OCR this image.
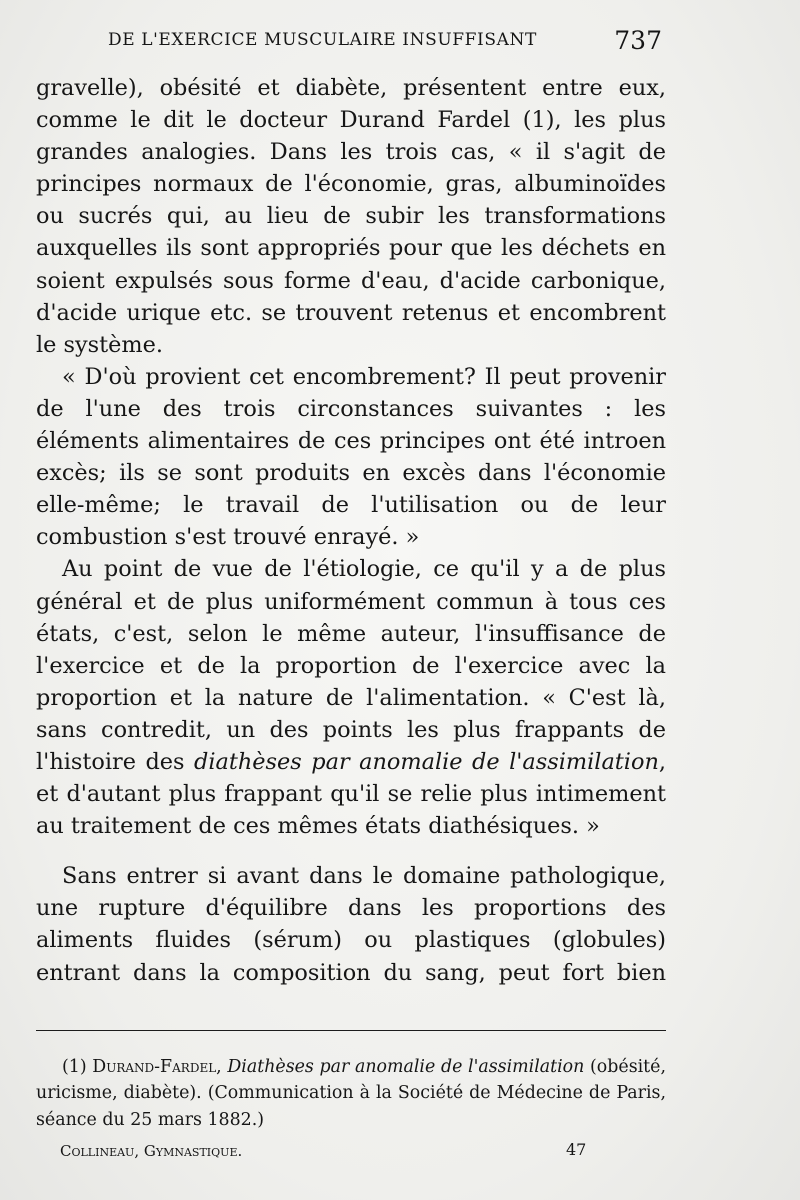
DE L'EXERCICE MUSCULAIRE INSUFFISANT	737

gravelle), obésité et diabète, présentent entre eux, comme le dit le docteur Durand Fardel (1), les plus grandes analogies. Dans les trois cas, « il s'agit de principes normaux de l'économie, gras, albuminoïdes ou sucrés qui, au lieu de subir les transformations auxquelles ils sont appropriés pour que les déchets en soient expulsés sous forme d'eau, d'acide carbonique, d'acide urique etc. se trouvent retenus et encombrent le système.

« D'où provient cet encombrement? Il peut provenir de l'une des trois circonstances suivantes : les éléments alimentaires de ces principes ont été introen excès; ils se sont produits en excès dans l'économie elle-même; le travail de l'utilisation ou de leur combustion s'est trouvé enrayé. »

Au point de vue de l'étiologie, ce qu'il y a de plus général et de plus uniformément commun à tous ces états, c'est, selon le même auteur, l'insuffisance de l'exercice et de la proportion de l'exercice avec la proportion et la nature de l'alimentation. « C'est là, sans contredit, un des points les plus frappants de l'histoire des diathèses par anomalie de l'assimilation, et d'autant plus frappant qu'il se relie plus intimement au traitement de ces mêmes états diathésiques. »

Sans entrer si avant dans le domaine pathologique, une rupture d'équilibre dans les proportions des aliments fluides (sérum) ou plastiques (globules) entrant dans la composition du sang, peut fort bien

(1) Durand-Fardel, Diathèses par anomalie de l'assimilation (obésité, uricisme, diabète). (Communication à la Société de Médecine de Paris, séance du 25 mars 1882.)

Collineau, Gymnastique.	47
